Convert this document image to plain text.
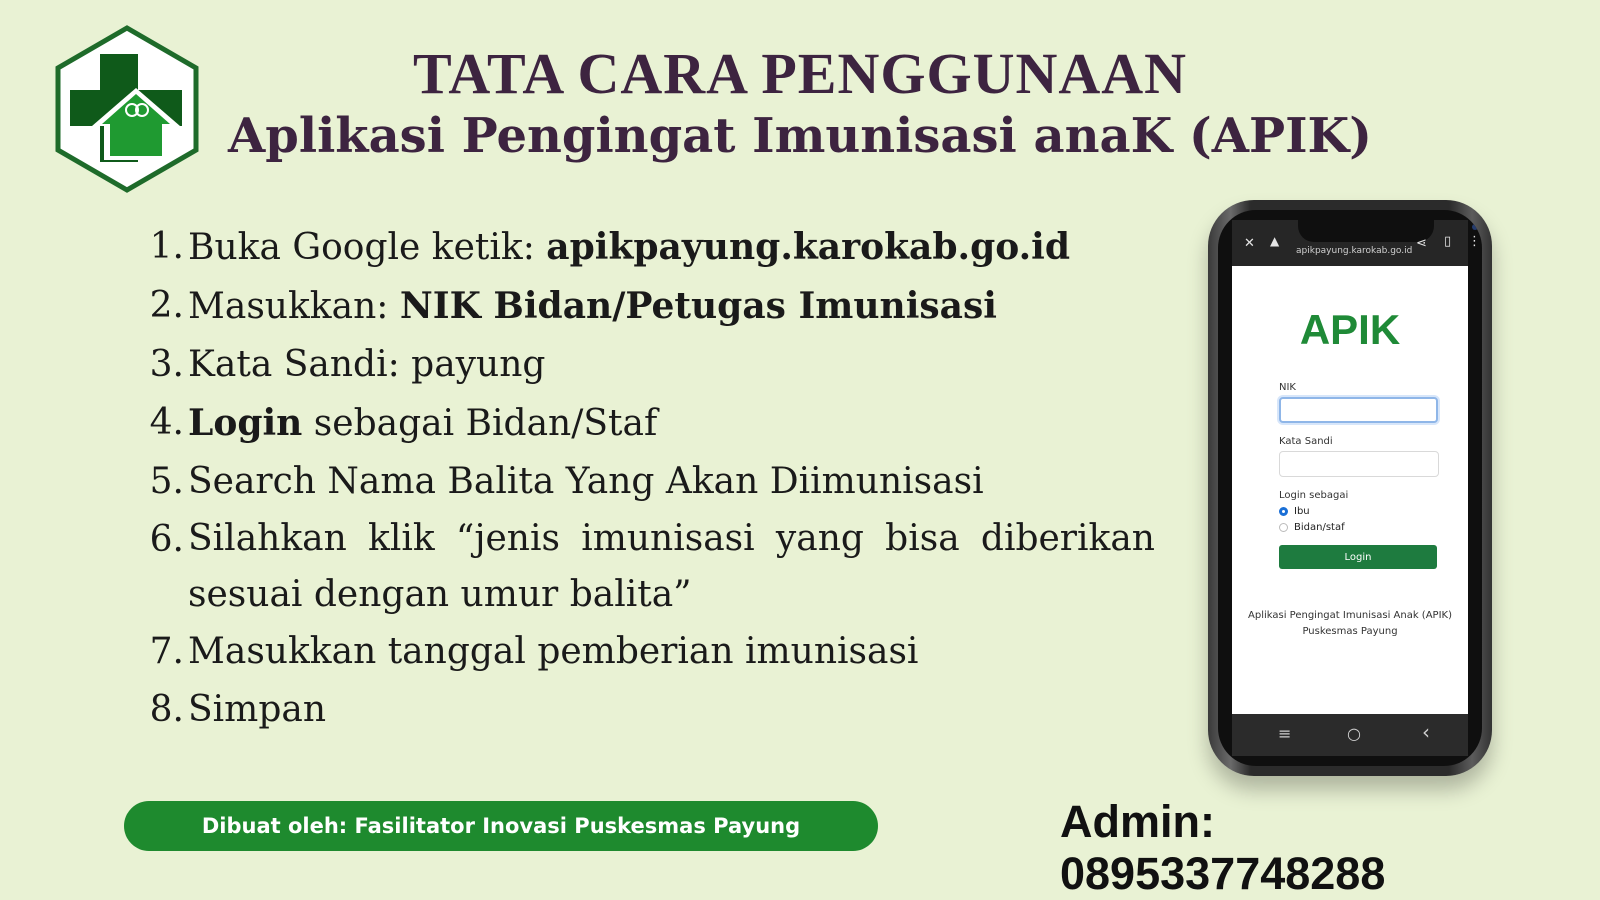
TATA CARA PENGGUNAAN
Aplikasi Pengingat Imunisasi anaK (APIK)
1. Buka Google ketik: apikpayung.karokab.go.id
2. Masukkan: NIK Bidan/Petugas Imunisasi
3. Kata Sandi: payung
4. Login sebagai Bidan/Staf
5. Search Nama Balita Yang Akan Diimunisasi
6. Silahkan klik “jenis imunisasi yang bisa diberikan sesuai dengan umur balita”
7. Masukkan tanggal pemberian imunisasi
8. Simpan
✕ ▲
apikpayung.karokab.go.id ⋖ ▯ ⋮
APIK
NIK
Kata Sandi
Login sebagai
Ibu
Bidan/staf
Login
Aplikasi Pengingat Imunisasi Anak (APIK)
Puskesmas Payung
≡	○	‹
Dibuat oleh: Fasilitator Inovasi Puskesmas Payung	Admin: 0895337748288
